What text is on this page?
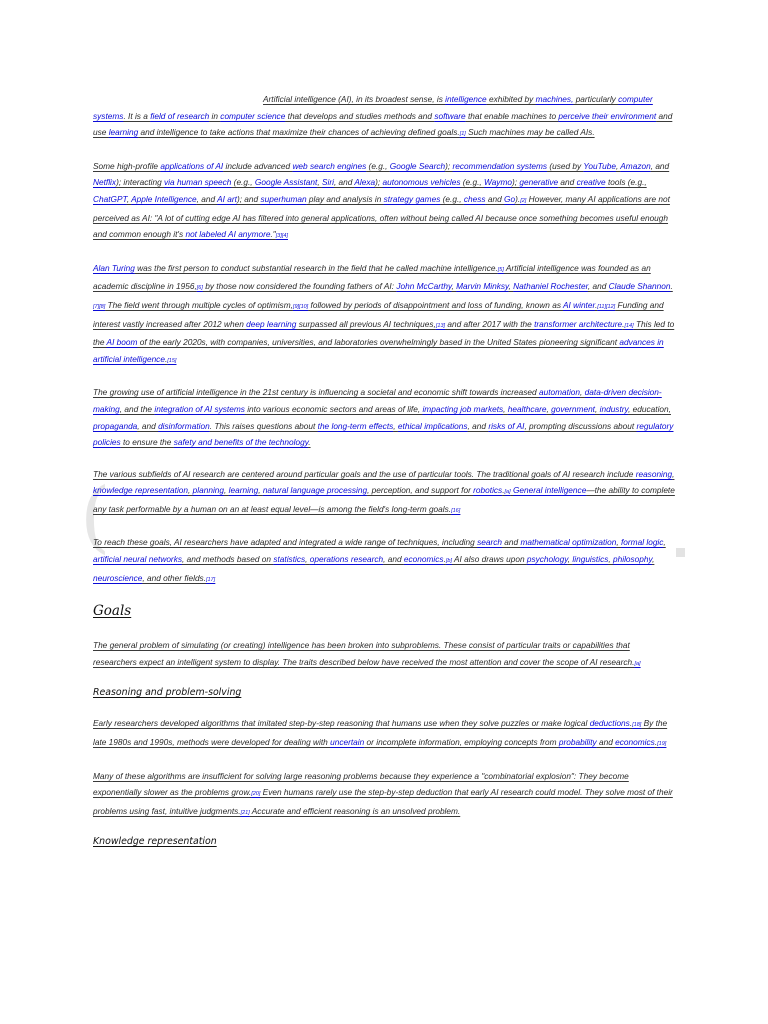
(

Artificial intelligence (AI), in its broadest sense, is intelligence exhibited by machines, particularly computer systems. It is a field of research in computer science that develops and studies methods and software that enable machines to perceive their environment and use learning and intelligence to take actions that maximize their chances of achieving defined goals.[1] Such machines may be called AIs.

Some high-profile applications of AI include advanced web search engines (e.g., Google Search); recommendation systems (used by YouTube, Amazon, and Netflix); interacting via human speech (e.g., Google Assistant, Siri, and Alexa); autonomous vehicles (e.g., Waymo); generative and creative tools (e.g., ChatGPT, Apple Intelligence, and AI art); and superhuman play and analysis in strategy games (e.g., chess and Go).[2] However, many AI applications are not perceived as AI: "A lot of cutting edge AI has filtered into general applications, often without being called AI because once something becomes useful enough and common enough it's not labeled AI anymore."[3][4]

Alan Turing was the first person to conduct substantial research in the field that he called machine intelligence.[5] Artificial intelligence was founded as an academic discipline in 1956,[6] by those now considered the founding fathers of AI: John McCarthy, Marvin Minksy, Nathaniel Rochester, and Claude Shannon.[7][8] The field went through multiple cycles of optimism,[9][10] followed by periods of disappointment and loss of funding, known as AI winter.[11][12] Funding and interest vastly increased after 2012 when deep learning surpassed all previous AI techniques,[13] and after 2017 with the transformer architecture.[14] This led to the AI boom of the early 2020s, with companies, universities, and laboratories overwhelmingly based in the United States pioneering significant advances in artificial intelligence.[15]

The growing use of artificial intelligence in the 21st century is influencing a societal and economic shift towards increased automation, data-driven decision-making, and the integration of AI systems into various economic sectors and areas of life, impacting job markets, healthcare, government, industry, education, propaganda, and disinformation. This raises questions about the long-term effects, ethical implications, and risks of AI, prompting discussions about regulatory policies to ensure the safety and benefits of the technology.

The various subfields of AI research are centered around particular goals and the use of particular tools. The traditional goals of AI research include reasoning, knowledge representation, planning, learning, natural language processing, perception, and support for robotics.[a] General intelligence—the ability to complete any task performable by a human on an at least equal level—is among the field's long-term goals.[16]

To reach these goals, AI researchers have adapted and integrated a wide range of techniques, including search and mathematical optimization, formal logic, artificial neural networks, and methods based on statistics, operations research, and economics.[b] AI also draws upon psychology, linguistics, philosophy, neuroscience, and other fields.[17]

Goals

The general problem of simulating (or creating) intelligence has been broken into subproblems. These consist of particular traits or capabilities that researchers expect an intelligent system to display. The traits described below have received the most attention and cover the scope of AI research.[a]

Reasoning and problem-solving

Early researchers developed algorithms that imitated step-by-step reasoning that humans use when they solve puzzles or make logical deductions.[18] By the late 1980s and 1990s, methods were developed for dealing with uncertain or incomplete information, employing concepts from probability and economics.[19]

Many of these algorithms are insufficient for solving large reasoning problems because they experience a "combinatorial explosion": They become exponentially slower as the problems grow.[20] Even humans rarely use the step-by-step deduction that early AI research could model. They solve most of their problems using fast, intuitive judgments.[21] Accurate and efficient reasoning is an unsolved problem.

Knowledge representation
